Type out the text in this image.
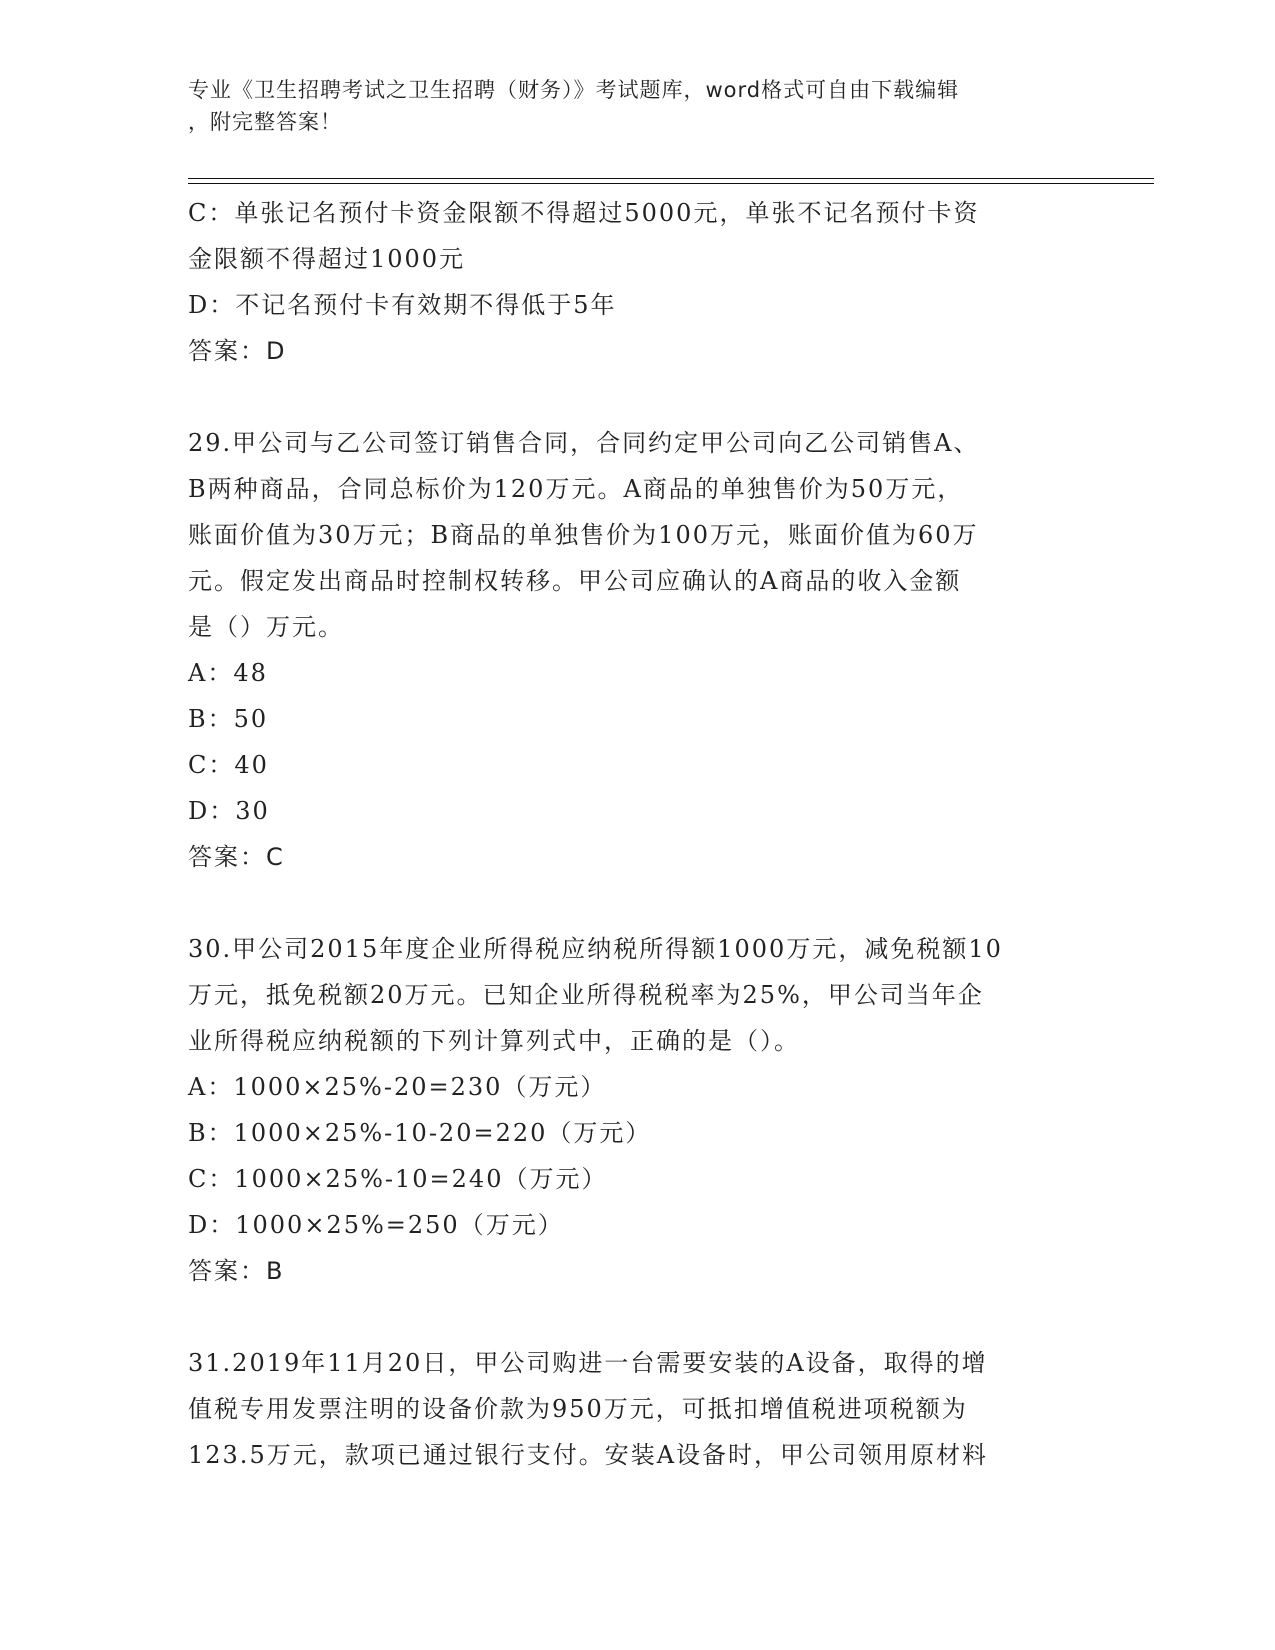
专业《卫生招聘考试之卫生招聘（财务）》考试题库，word格式可自由下载编辑
，附完整答案！
C：单张记名预付卡资金限额不得超过5000元，单张不记名预付卡资
金限额不得超过1000元
D：不记名预付卡有效期不得低于5年
答案：D
29.甲公司与乙公司签订销售合同，合同约定甲公司向乙公司销售A、
B两种商品，合同总标价为120万元。A商品的单独售价为50万元，
账面价值为30万元；B商品的单独售价为100万元，账面价值为60万
元。假定发出商品时控制权转移。甲公司应确认的A商品的收入金额
是（）万元。
A：48
B：50
C：40
D：30
答案：C
30.甲公司2015年度企业所得税应纳税所得额1000万元，减免税额10
万元，抵免税额20万元。已知企业所得税税率为25%，甲公司当年企
业所得税应纳税额的下列计算列式中，正确的是（）。
A：1000×25%-20=230（万元）
B：1000×25%-10-20=220（万元）
C：1000×25%-10=240（万元）
D：1000×25%=250（万元）
答案：B
31.2019年11月20日，甲公司购进一台需要安装的A设备，取得的增
值税专用发票注明的设备价款为950万元，可抵扣增值税进项税额为
123.5万元，款项已通过银行支付。安装A设备时，甲公司领用原材料
